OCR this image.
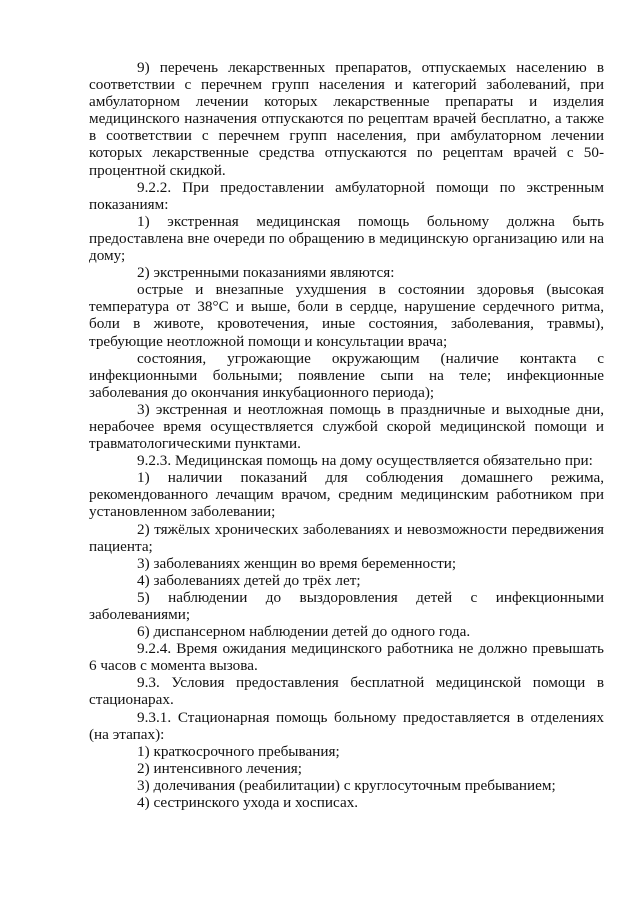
9) перечень лекарственных препаратов, отпускаемых населению в соответствии с перечнем групп населения и категорий заболеваний, при амбулаторном лечении которых лекарственные препараты и изделия медицинского назначения отпускаются по рецептам врачей бесплатно, а также в соответствии с перечнем групп населения, при амбулаторном лечении которых лекарственные средства отпускаются по рецептам врачей с 50-процентной скидкой.

9.2.2. При предоставлении амбулаторной помощи по экстренным показаниям:

1) экстренная медицинская помощь больному должна быть предоставлена вне очереди по обращению в медицинскую организацию или на дому;

2) экстренными показаниями являются:

острые и внезапные ухудшения в состоянии здоровья (высокая температура от 38°С и выше, боли в сердце, нарушение сердечного ритма, боли в животе, кровотечения, иные состояния, заболевания, травмы), требующие неотложной помощи и консультации врача;

состояния, угрожающие окружающим (наличие контакта с инфекционными больными; появление сыпи на теле; инфекционные заболевания до окончания инкубационного периода);

3) экстренная и неотложная помощь в праздничные и выходные дни, нерабочее время осуществляется службой скорой медицинской помощи и травматологическими пунктами.

9.2.3. Медицинская помощь на дому осуществляется обязательно при:

1) наличии показаний для соблюдения домашнего режима, рекомендованного лечащим врачом, средним медицинским работником при установленном заболевании;

2) тяжёлых хронических заболеваниях и невозможности передвижения пациента;

3) заболеваниях женщин во время беременности;

4) заболеваниях детей до трёх лет;

5) наблюдении до выздоровления детей с инфекционными заболеваниями;

6) диспансерном наблюдении детей до одного года.

9.2.4. Время ожидания медицинского работника не должно превышать 6 часов с момента вызова.

9.3. Условия предоставления бесплатной медицинской помощи в стационарах.

9.3.1. Стационарная помощь больному предоставляется в отделениях (на этапах):

1) краткосрочного пребывания;

2) интенсивного лечения;

3) долечивания (реабилитации) с круглосуточным пребыванием;

4) сестринского ухода и хосписах.
